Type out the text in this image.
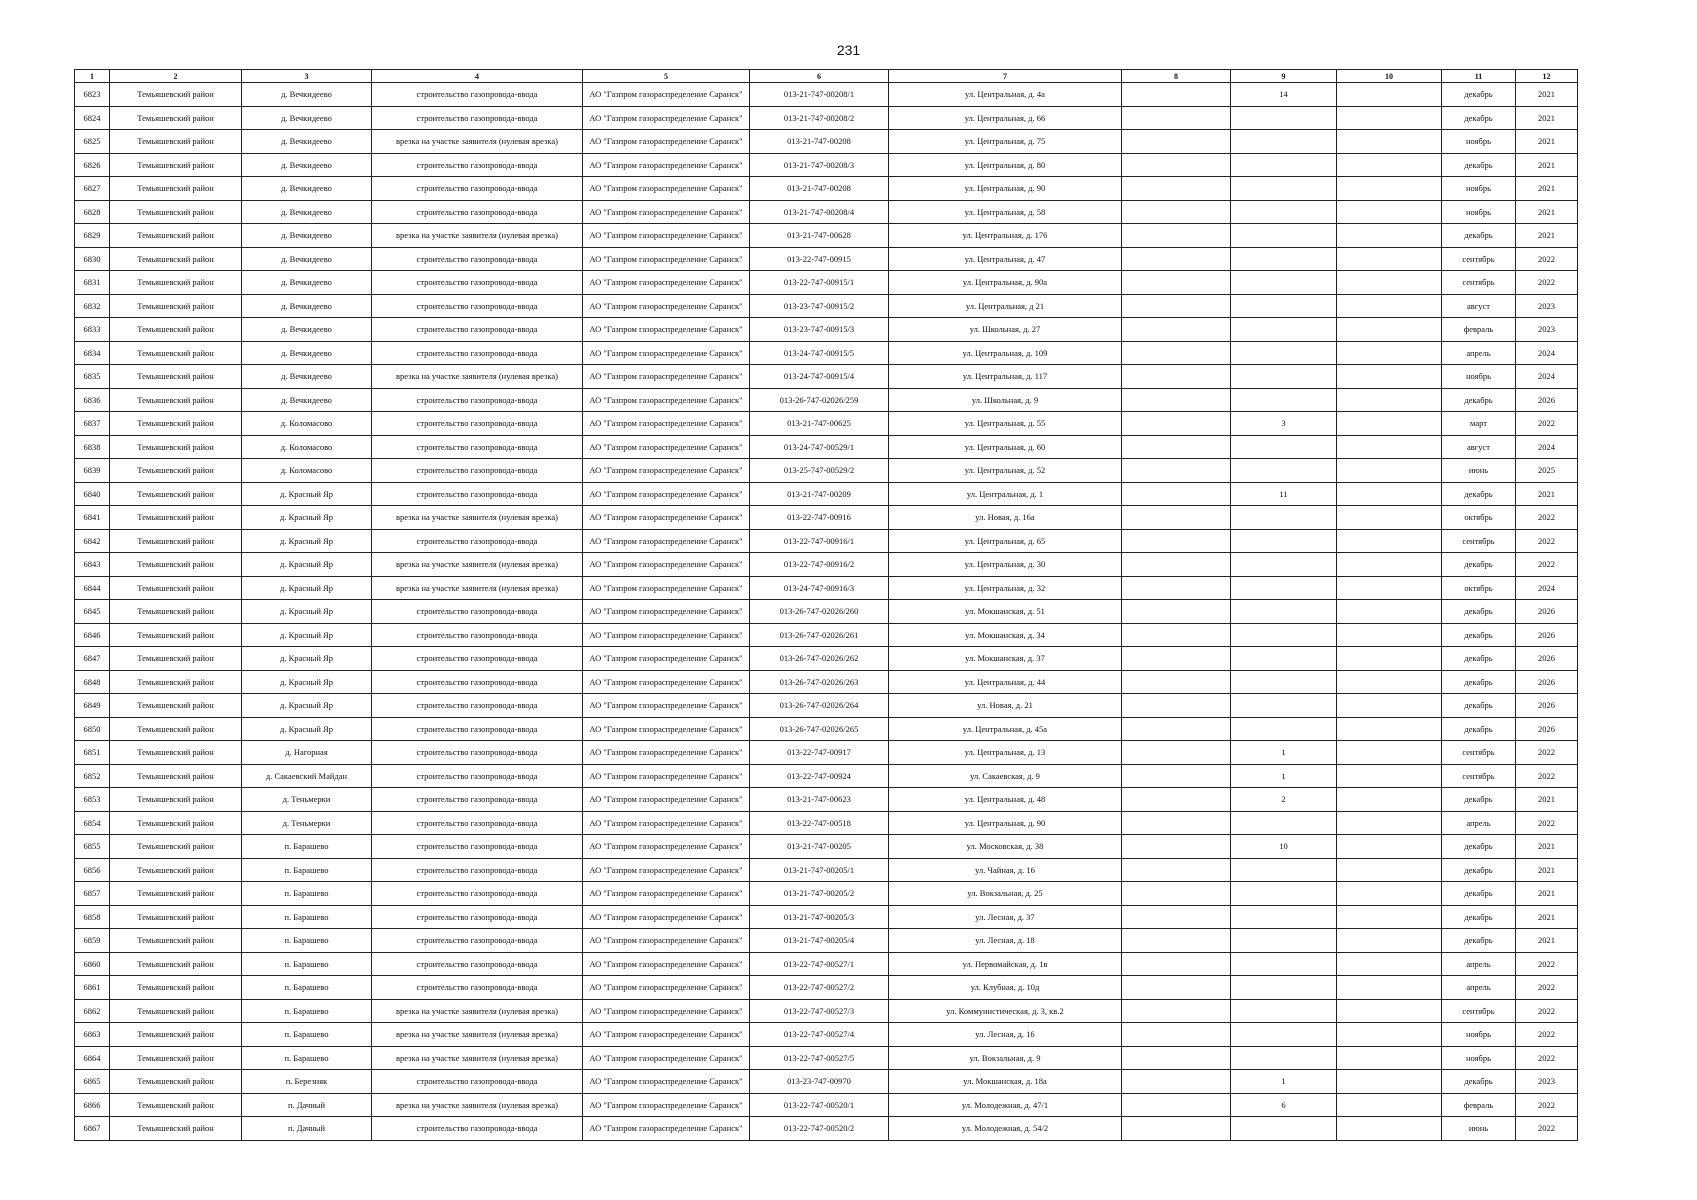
231
1	2	3	4	5	6	7	8	9	10	11	12
6823	Темьяшевский район	д. Вечкидеево	строительство газопровода-ввода	АО "Газпром газораспределение Саранск"	013-21-747-00208/1	ул. Центральная, д. 4а		14		декабрь	2021
6824	Темьяшевский район	д. Вечкидеево	строительство газопровода-ввода	АО "Газпром газораспределение Саранск"	013-21-747-00208/2	ул. Центральная, д. 66				декабрь	2021
6825	Темьяшевский район	д. Вечкидеево	врезка на участке заявителя (нулевая врезка)	АО "Газпром газораспределение Саранск"	013-21-747-00208	ул. Центральная, д. 75				ноябрь	2021
6826	Темьяшевский район	д. Вечкидеево	строительство газопровода-ввода	АО "Газпром газораспределение Саранск"	013-21-747-00208/3	ул. Центральная, д. 80				декабрь	2021
6827	Темьяшевский район	д. Вечкидеево	строительство газопровода-ввода	АО "Газпром газораспределение Саранск"	013-21-747-00208	ул. Центральная, д. 90				ноябрь	2021
6828	Темьяшевский район	д. Вечкидеево	строительство газопровода-ввода	АО "Газпром газораспределение Саранск"	013-21-747-00208/4	ул. Центральная, д. 58				ноябрь	2021
6829	Темьяшевский район	д. Вечкидеево	врезка на участке заявителя (нулевая врезка)	АО "Газпром газораспределение Саранск"	013-21-747-00628	ул. Центральная, д. 176				декабрь	2021
6830	Темьяшевский район	д. Вечкидеево	строительство газопровода-ввода	АО "Газпром газораспределение Саранск"	013-22-747-00915	ул. Центральная, д. 47				сентябрь	2022
6831	Темьяшевский район	д. Вечкидеево	строительство газопровода-ввода	АО "Газпром газораспределение Саранск"	013-22-747-00915/1	ул. Центральная, д. 90а				сентябрь	2022
6832	Темьяшевский район	д. Вечкидеево	строительство газопровода-ввода	АО "Газпром газораспределение Саранск"	013-23-747-00915/2	ул. Центральная, д 21				август	2023
6833	Темьяшевский район	д. Вечкидеево	строительство газопровода-ввода	АО "Газпром газораспределение Саранск"	013-23-747-00915/3	ул. Школьная, д. 27				февраль	2023
6834	Темьяшевский район	д. Вечкидеево	строительство газопровода-ввода	АО "Газпром газораспределение Саранск"	013-24-747-00915/5	ул. Центральная, д. 109				апрель	2024
6835	Темьяшевский район	д. Вечкидеево	врезка на участке заявителя (нулевая врезка)	АО "Газпром газораспределение Саранск"	013-24-747-00915/4	ул. Центральная, д. 117				ноябрь	2024
6836	Темьяшевский район	д. Вечкидеево	строительство газопровода-ввода	АО "Газпром газораспределение Саранск"	013-26-747-02026/259	ул. Школьная, д. 9				декабрь	2026
6837	Темьяшевский район	д. Коломасово	строительство газопровода-ввода	АО "Газпром газораспределение Саранск"	013-21-747-00625	ул. Центральная, д. 55		3		март	2022
6838	Темьяшевский район	д. Коломасово	строительство газопровода-ввода	АО "Газпром газораспределение Саранск"	013-24-747-00529/1	ул. Центральная, д. 60				август	2024
6839	Темьяшевский район	д. Коломасово	строительство газопровода-ввода	АО "Газпром газораспределение Саранск"	013-25-747-00529/2	ул. Центральная, д. 52				июнь	2025
6840	Темьяшевский район	д. Красный Яр	строительство газопровода-ввода	АО "Газпром газораспределение Саранск"	013-21-747-00209	ул. Центральная, д. 1		11		декабрь	2021
6841	Темьяшевский район	д. Красный Яр	врезка на участке заявителя (нулевая врезка)	АО "Газпром газораспределение Саранск"	013-22-747-00916	ул. Новая, д. 16а				октябрь	2022
6842	Темьяшевский район	д. Красный Яр	строительство газопровода-ввода	АО "Газпром газораспределение Саранск"	013-22-747-00916/1	ул. Центральная, д. 65				сентябрь	2022
6843	Темьяшевский район	д. Красный Яр	врезка на участке заявителя (нулевая врезка)	АО "Газпром газораспределение Саранск"	013-22-747-00916/2	ул. Центральная, д. 30				декабрь	2022
6844	Темьяшевский район	д. Красный Яр	врезка на участке заявителя (нулевая врезка)	АО "Газпром газораспределение Саранск"	013-24-747-00916/3	ул. Центральная, д. 32				октябрь	2024
6845	Темьяшевский район	д. Красный Яр	строительство газопровода-ввода	АО "Газпром газораспределение Саранск"	013-26-747-02026/260	ул. Мокшанская, д. 51				декабрь	2026
6846	Темьяшевский район	д. Красный Яр	строительство газопровода-ввода	АО "Газпром газораспределение Саранск"	013-26-747-02026/261	ул. Мокшанская, д. 34				декабрь	2026
6847	Темьяшевский район	д. Красный Яр	строительство газопровода-ввода	АО "Газпром газораспределение Саранск"	013-26-747-02026/262	ул. Мокшанская, д. 37				декабрь	2026
6848	Темьяшевский район	д. Красный Яр	строительство газопровода-ввода	АО "Газпром газораспределение Саранск"	013-26-747-02026/263	ул. Центральная, д. 44				декабрь	2026
6849	Темьяшевский район	д. Красный Яр	строительство газопровода-ввода	АО "Газпром газораспределение Саранск"	013-26-747-02026/264	ул. Новая, д. 21				декабрь	2026
6850	Темьяшевский район	д. Красный Яр	строительство газопровода-ввода	АО "Газпром газораспределение Саранск"	013-26-747-02026/265	ул. Центральная, д. 45а				декабрь	2026
6851	Темьяшевский район	д. Нагорная	строительство газопровода-ввода	АО "Газпром газораспределение Саранск"	013-22-747-00917	ул. Центральная, д. 13		1		сентябрь	2022
6852	Темьяшевский район	д. Сакаевский Майдан	строительство газопровода-ввода	АО "Газпром газораспределение Саранск"	013-22-747-00924	ул. Сакаевская, д. 9		1		сентябрь	2022
6853	Темьяшевский район	д. Теньмерки	строительство газопровода-ввода	АО "Газпром газораспределение Саранск"	013-21-747-00623	ул. Центральная, д. 48		2		декабрь	2021
6854	Темьяшевский район	д. Теньмерки	строительство газопровода-ввода	АО "Газпром газораспределение Саранск"	013-22-747-00518	ул. Центральная, д. 90				апрель	2022
6855	Темьяшевский район	п. Барашево	строительство газопровода-ввода	АО "Газпром газораспределение Саранск"	013-21-747-00205	ул. Московская, д. 38		10		декабрь	2021
6856	Темьяшевский район	п. Барашево	строительство газопровода-ввода	АО "Газпром газораспределение Саранск"	013-21-747-00205/1	ул. Чайная, д. 16				декабрь	2021
6857	Темьяшевский район	п. Барашево	строительство газопровода-ввода	АО "Газпром газораспределение Саранск"	013-21-747-00205/2	ул. Вокзальная, д. 25				декабрь	2021
6858	Темьяшевский район	п. Барашево	строительство газопровода-ввода	АО "Газпром газораспределение Саранск"	013-21-747-00205/3	ул. Лесная, д. 37				декабрь	2021
6859	Темьяшевский район	п. Барашево	строительство газопровода-ввода	АО "Газпром газораспределение Саранск"	013-21-747-00205/4	ул. Лесная, д. 18				декабрь	2021
6860	Темьяшевский район	п. Барашево	строительство газопровода-ввода	АО "Газпром газораспределение Саранск"	013-22-747-00527/1	ул. Первомайская, д. 1в				апрель	2022
6861	Темьяшевский район	п. Барашево	строительство газопровода-ввода	АО "Газпром газораспределение Саранск"	013-22-747-00527/2	ул. Клубная, д. 10д				апрель	2022
6862	Темьяшевский район	п. Барашево	врезка на участке заявителя (нулевая врезка)	АО "Газпром газораспределение Саранск"	013-22-747-00527/3	ул. Коммунистическая, д. 3, кв.2				сентябрь	2022
6863	Темьяшевский район	п. Барашево	врезка на участке заявителя (нулевая врезка)	АО "Газпром газораспределение Саранск"	013-22-747-00527/4	ул. Лесная, д. 16				ноябрь	2022
6864	Темьяшевский район	п. Барашево	врезка на участке заявителя (нулевая врезка)	АО "Газпром газораспределение Саранск"	013-22-747-00527/5	ул. Вокзальная, д. 9				ноябрь	2022
6865	Темьяшевский район	п. Березняк	строительство газопровода-ввода	АО "Газпром газораспределение Саранск"	013-23-747-00970	ул. Мокшанская, д. 18а		1		декабрь	2023
6866	Темьяшевский район	п. Дачный	врезка на участке заявителя (нулевая врезка)	АО "Газпром газораспределение Саранск"	013-22-747-00520/1	ул. Молодежная, д. 47/1		6		февраль	2022
6867	Темьяшевский район	п. Дачный	строительство газопровода-ввода	АО "Газпром газораспределение Саранск"	013-22-747-00520/2	ул. Молодежная, д. 54/2				июнь	2022
